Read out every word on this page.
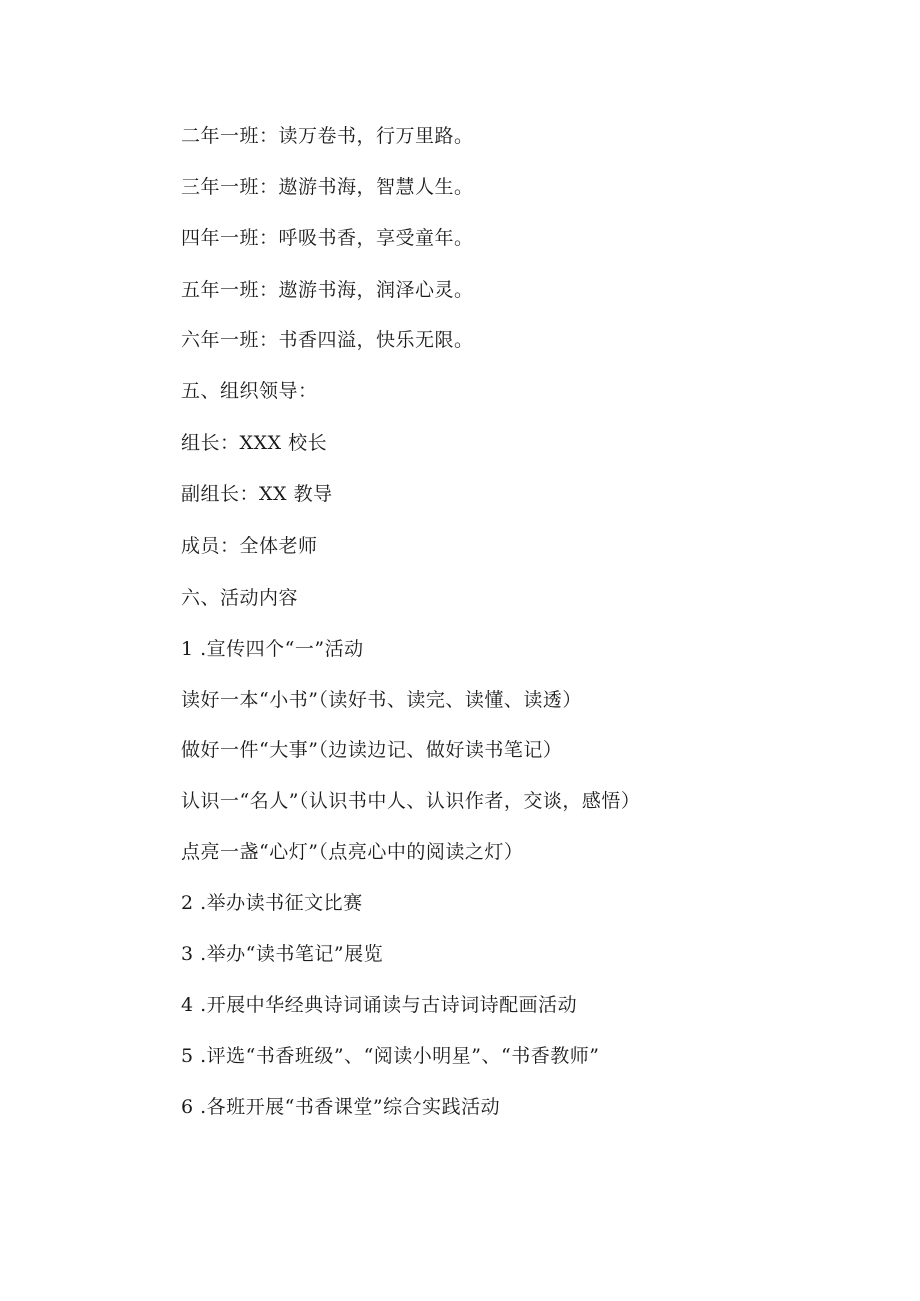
二年一班：读万卷书，行万里路。

三年一班：遨游书海，智慧人生。

四年一班：呼吸书香，享受童年。

五年一班：遨游书海，润泽心灵。

六年一班：书香四溢，快乐无限。

五、组织领导：

组长：XXX 校长

副组长：XX 教导

成员：全体老师

六、活动内容

1 .宣传四个“一”活动

读好一本“小书”（读好书、读完、读懂、读透）

做好一件“大事”（边读边记、做好读书笔记）

认识一“名人”（认识书中人、认识作者，交谈，感悟）

点亮一盏“心灯”（点亮心中的阅读之灯）

2 .举办读书征文比赛

3 .举办“读书笔记”展览

4 .开展中华经典诗词诵读与古诗词诗配画活动

5 .评选“书香班级”、“阅读小明星”、“书香教师”

6 .各班开展“书香课堂”综合实践活动
